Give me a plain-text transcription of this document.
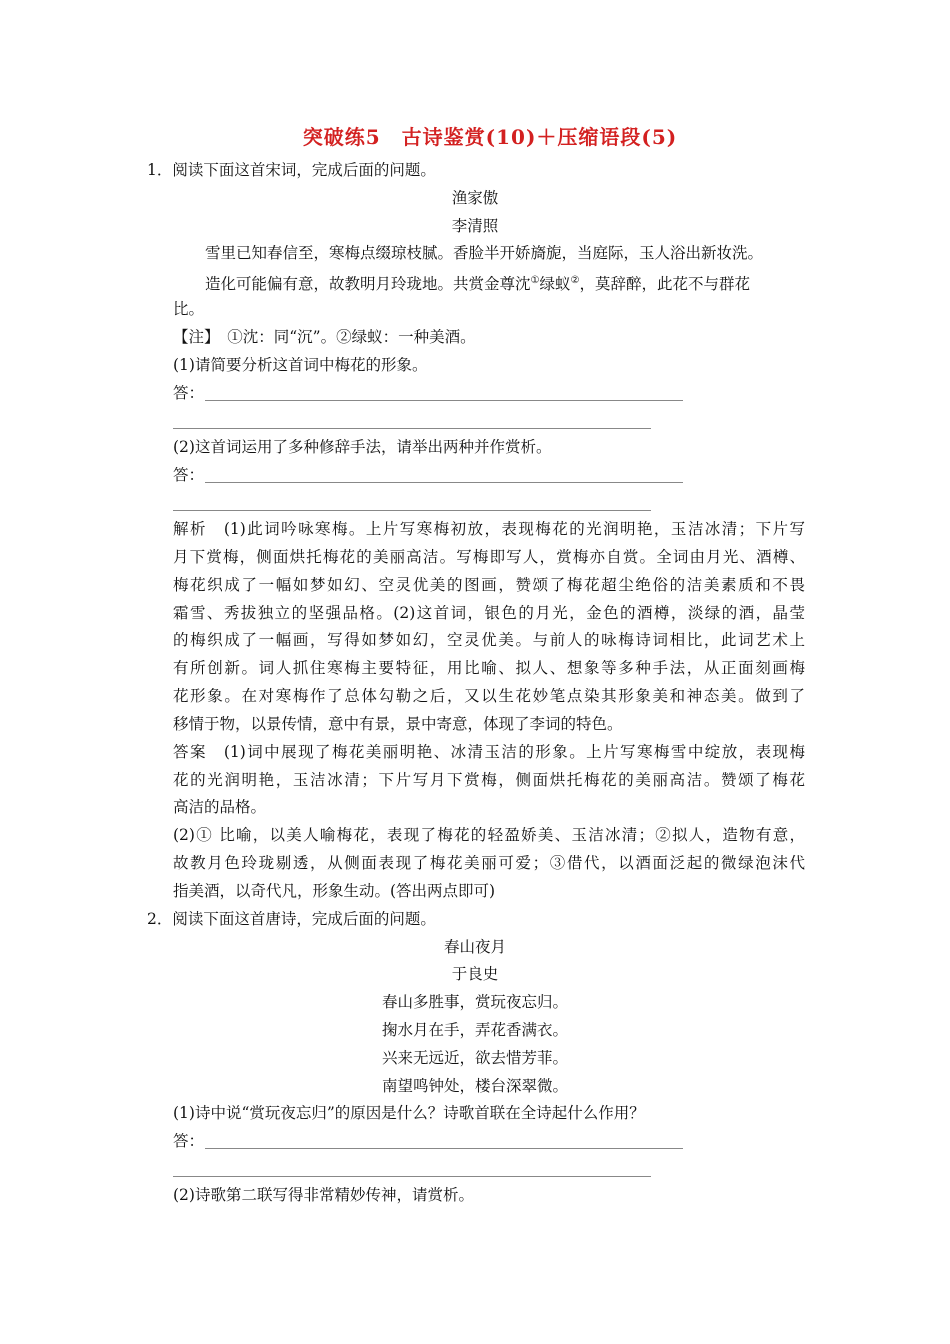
突破练5　古诗鉴赏(10)＋压缩语段(5)
1．阅读下面这首宋词，完成后面的问题。
渔家傲
李清照
雪里已知春信至，寒梅点缀琼枝腻。香脸半开娇旖旎，当庭际，玉人浴出新妆洗。
造化可能偏有意，故教明月玲珑地。共赏金尊沈①绿蚁②，莫辞醉，此花不与群花
比。
【注】　①沈：同“沉”。②绿蚁：一种美酒。
(1)请简要分析这首词中梅花的形象。
答：
(2)这首词运用了多种修辞手法，请举出两种并作赏析。
答：
解析　(1)此词吟咏寒梅。上片写寒梅初放，表现梅花的光润明艳，玉洁冰清；下片写
月下赏梅，侧面烘托梅花的美丽高洁。写梅即写人，赏梅亦自赏。全词由月光、酒樽、
梅花织成了一幅如梦如幻、空灵优美的图画，赞颂了梅花超尘绝俗的洁美素质和不畏
霜雪、秀拔独立的坚强品格。(2)这首词，银色的月光，金色的酒樽，淡绿的酒，晶莹
的梅织成了一幅画，写得如梦如幻，空灵优美。与前人的咏梅诗词相比，此词艺术上
有所创新。词人抓住寒梅主要特征，用比喻、拟人、想象等多种手法，从正面刻画梅
花形象。在对寒梅作了总体勾勒之后，又以生花妙笔点染其形象美和神态美。做到了
移情于物，以景传情，意中有景，景中寄意，体现了李词的特色。
答案　(1)词中展现了梅花美丽明艳、冰清玉洁的形象。上片写寒梅雪中绽放，表现梅
花的光润明艳，玉洁冰清；下片写月下赏梅，侧面烘托梅花的美丽高洁。赞颂了梅花
高洁的品格。
(2)① 比喻，以美人喻梅花，表现了梅花的轻盈娇美、玉洁冰清；②拟人，造物有意，
故教月色玲珑剔透，从侧面表现了梅花美丽可爱；③借代，以酒面泛起的微绿泡沫代
指美酒，以奇代凡，形象生动。(答出两点即可)
2．阅读下面这首唐诗，完成后面的问题。
春山夜月
于良史
春山多胜事，赏玩夜忘归。
掬水月在手，弄花香满衣。
兴来无远近，欲去惜芳菲。
南望鸣钟处，楼台深翠微。
(1)诗中说“赏玩夜忘归”的原因是什么？诗歌首联在全诗起什么作用？
答：
(2)诗歌第二联写得非常精妙传神，请赏析。
